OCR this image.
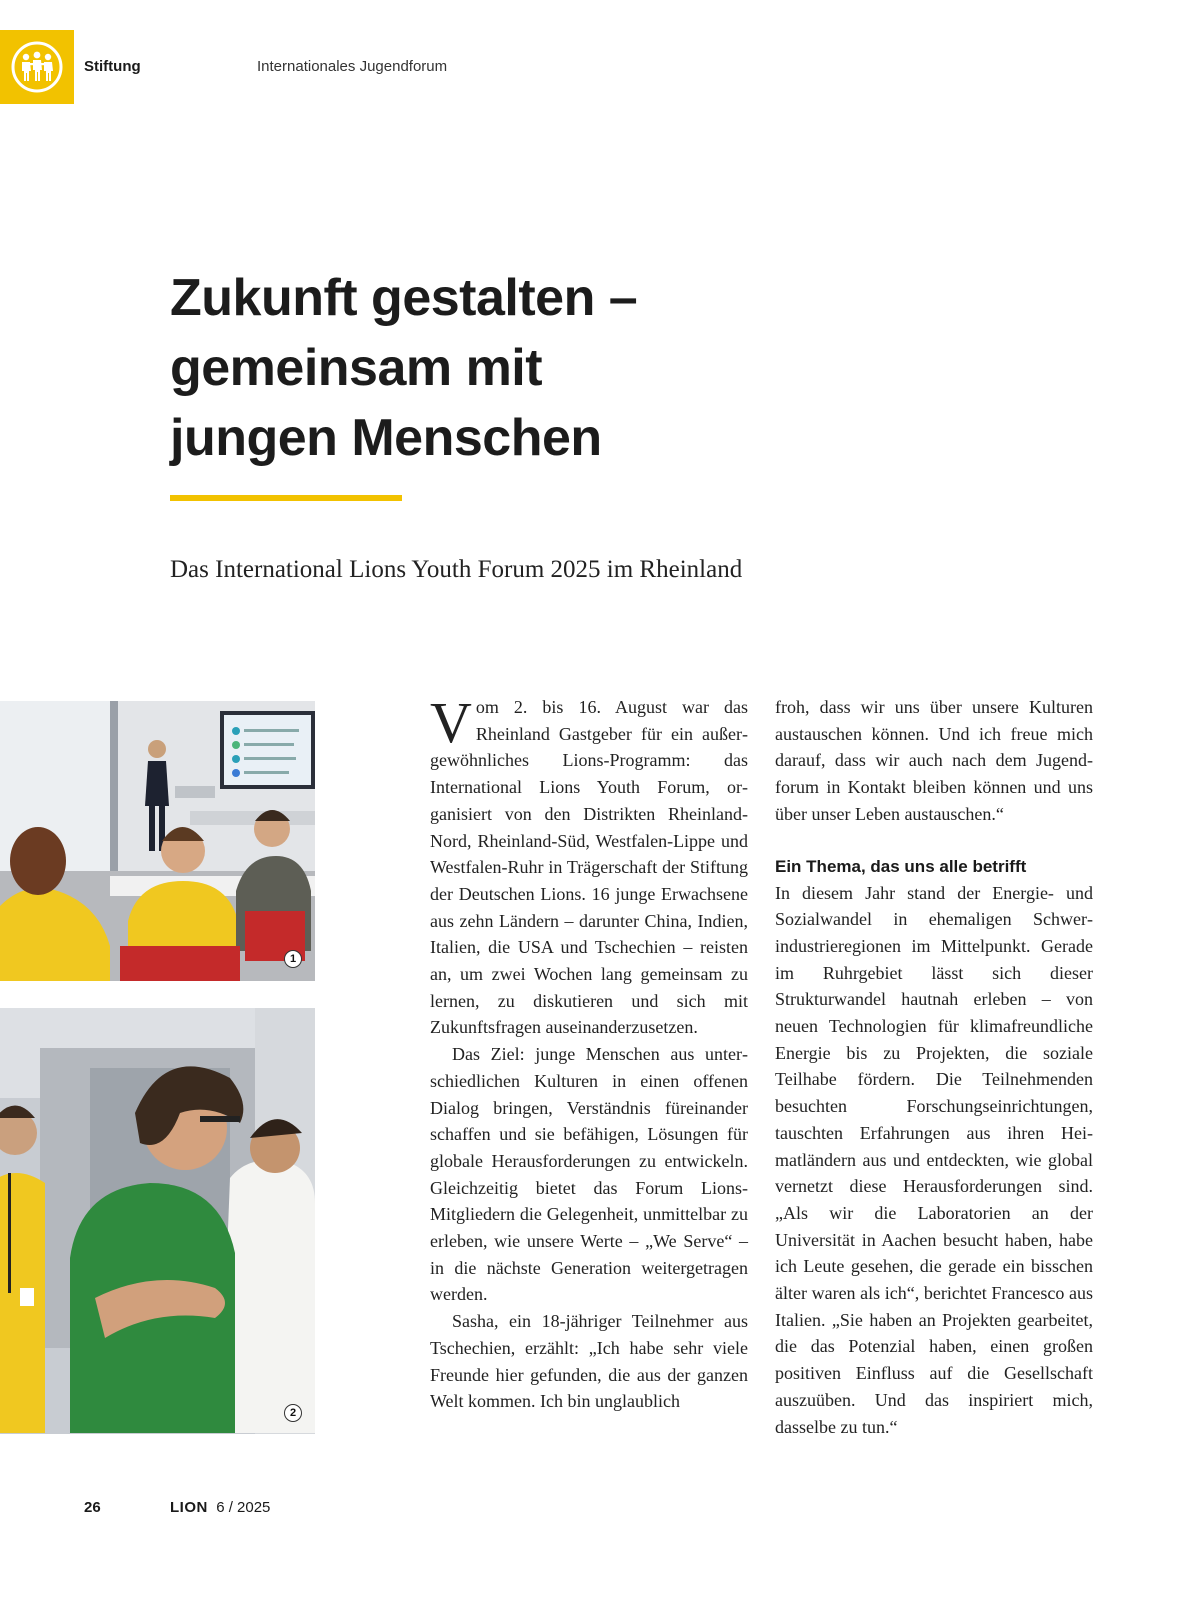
Stiftung	Internationales Jugendforum
Zukunft gestalten –
gemeinsam mit
jungen Menschen
Das International Lions Youth Forum 2025 im Rheinland
1
2

Vom 2. bis 16. August war das Rheinland Gastgeber für ein außergewöhnliches Lions-Programm: das International Lions Youth Forum, organisiert von den Distrikten Rheinland-Nord, Rheinland-Süd, Westfalen-Lippe und Westfalen-Ruhr in Trägerschaft der Stiftung der Deutschen Lions. 16 junge Erwachsene aus zehn Ländern – darunter China, Indien, Italien, die USA und Tschechien – reisten an, um zwei Wochen lang gemeinsam zu lernen, zu diskutieren und sich mit Zukunftsfragen auseinanderzusetzen.

Das Ziel: junge Menschen aus unterschiedlichen Kulturen in einen offenen Dialog bringen, Verständnis füreinander schaffen und sie befähigen, Lösungen für globale Herausforderungen zu entwickeln. Gleichzeitig bietet das Forum Lions-Mitgliedern die Gelegenheit, unmittelbar zu erleben, wie unsere Werte – „We Serve“ – in die nächste Generation weitergetragen werden.

Sasha, ein 18-jähriger Teilnehmer aus Tschechien, erzählt: „Ich habe sehr viele Freunde hier gefunden, die aus der ganzen Welt kommen. Ich bin unglaublich

froh, dass wir uns über unsere Kulturen austauschen können. Und ich freue mich darauf, dass wir auch nach dem Jugendforum in Kontakt bleiben können und uns über unser Leben austauschen.“

Ein Thema, das uns alle betrifft

In diesem Jahr stand der Energie- und Sozialwandel in ehemaligen Schwerindustrieregionen im Mittelpunkt. Gerade im Ruhrgebiet lässt sich dieser Strukturwandel hautnah erleben – von neuen Technologien für klimafreundliche Energie bis zu Projekten, die soziale Teilhabe fördern. Die Teilnehmenden besuchten Forschungseinrichtungen, tauschten Erfahrungen aus ihren Heimatländern aus und entdeckten, wie global vernetzt diese Herausforderungen sind. „Als wir die Laboratorien an der Universität in Aachen besucht haben, habe ich Leute gesehen, die gerade ein bisschen älter waren als ich“, berichtet Francesco aus Italien. „Sie haben an Projekten gearbeitet, die das Potenzial haben, einen großen positiven Einfluss auf die Gesellschaft auszuüben. Und das inspiriert mich, dasselbe zu tun.“

26	LION 6 / 2025
